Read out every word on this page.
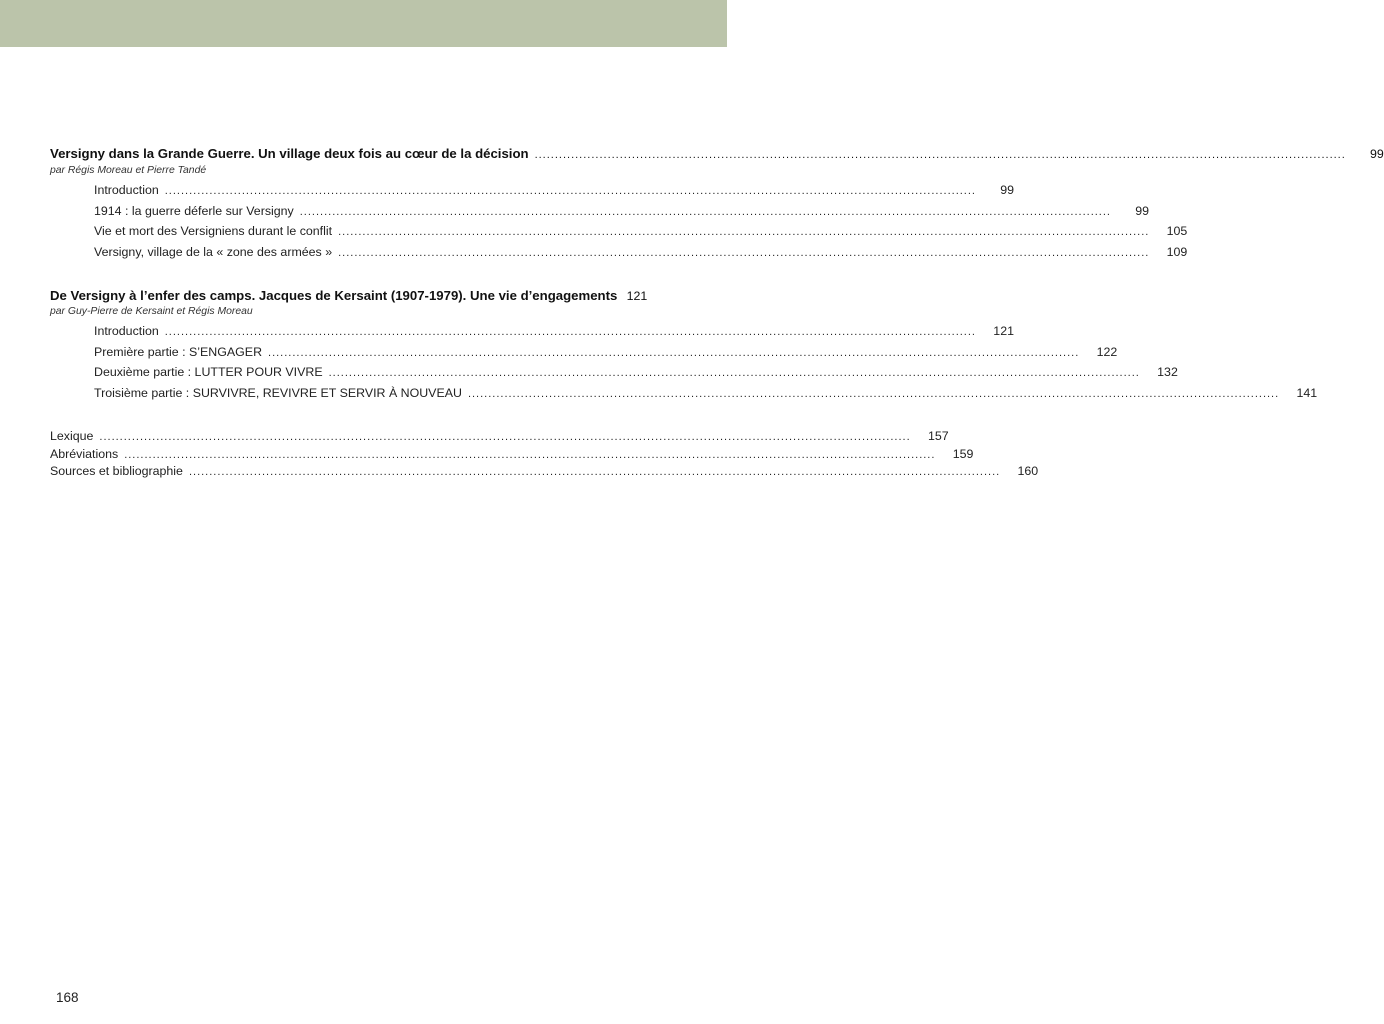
Versigny dans la Grande Guerre. Un village deux fois au cœur de la décision ........................................................................................................................................................................................................	99
par Régis Moreau et Pierre Tandé
Introduction ........................................................................................................................................................................................................	99
1914 : la guerre déferle sur Versigny ........................................................................................................................................................................................................	99
Vie et mort des Versigniens durant le conflit ........................................................................................................................................................................................................	105
Versigny, village de la « zone des armées » ........................................................................................................................................................................................................	109
De Versigny à l’enfer des camps. Jacques de Kersaint (1907-1979). Une vie d’engagements 121
par Guy-Pierre de Kersaint et Régis Moreau
Introduction ........................................................................................................................................................................................................	121
Première partie : S’ENGAGER ........................................................................................................................................................................................................	122
Deuxième partie : LUTTER POUR VIVRE ........................................................................................................................................................................................................	132
Troisième partie : SURVIVRE, REVIVRE ET SERVIR À NOUVEAU ........................................................................................................................................................................................................	141
Lexique ........................................................................................................................................................................................................	157
Abréviations ........................................................................................................................................................................................................	159
Sources et bibliographie ........................................................................................................................................................................................................	160
168
